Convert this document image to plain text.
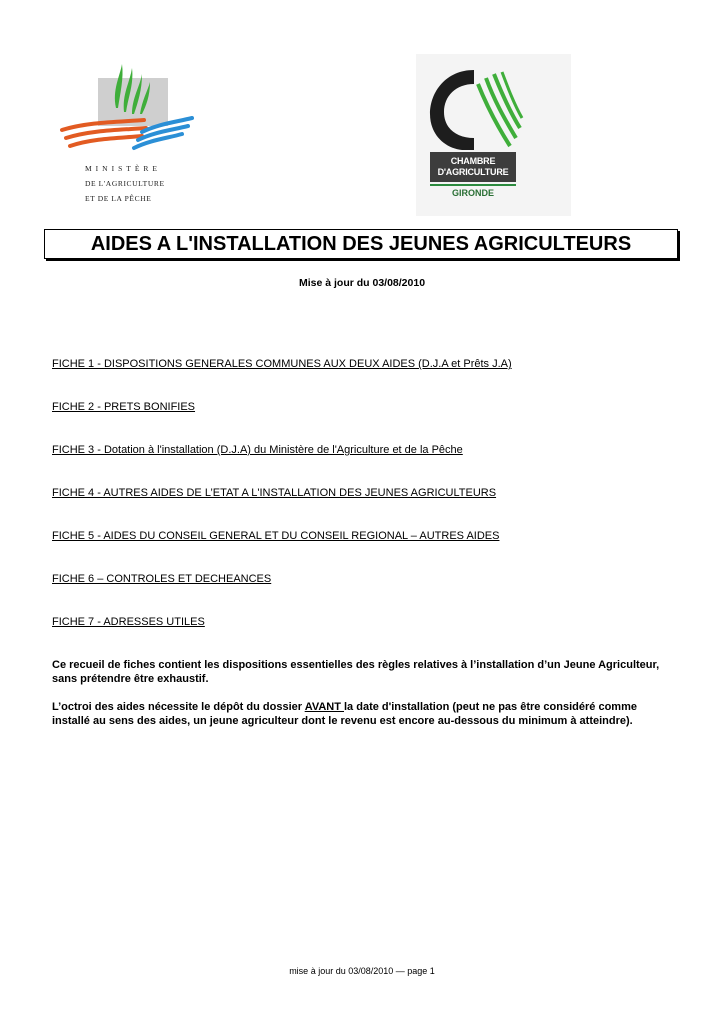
MINISTÈRE
DE L'AGRICULTURE
ET DE LA PÊCHE
CHAMBRE
D'AGRICULTURE
GIRONDE
AIDES A L'INSTALLATION DES JEUNES AGRICULTEURS
Mise à jour du 03/08/2010
FICHE 1 - DISPOSITIONS GENERALES COMMUNES AUX DEUX AIDES (D.J.A et Prêts J.A)
FICHE 2 - PRETS BONIFIES
FICHE 3 - Dotation à l'installation (D.J.A) du Ministère de l'Agriculture et de la Pêche
FICHE 4 - AUTRES AIDES DE L’ETAT A L'INSTALLATION DES JEUNES AGRICULTEURS
FICHE 5 - AIDES DU CONSEIL GENERAL ET DU CONSEIL REGIONAL – AUTRES AIDES
FICHE 6 – CONTROLES ET DECHEANCES
FICHE 7 - ADRESSES UTILES

Ce recueil de fiches contient les dispositions essentielles des règles relatives à l’installation d’un Jeune Agriculteur, sans prétendre être exhaustif.

L’octroi des aides nécessite le dépôt du dossier AVANT la date d'installation (peut ne pas être considéré comme installé au sens des aides, un jeune agriculteur dont le revenu est encore au-dessous du minimum à atteindre).

mise à jour du 03/08/2010 — page 1
